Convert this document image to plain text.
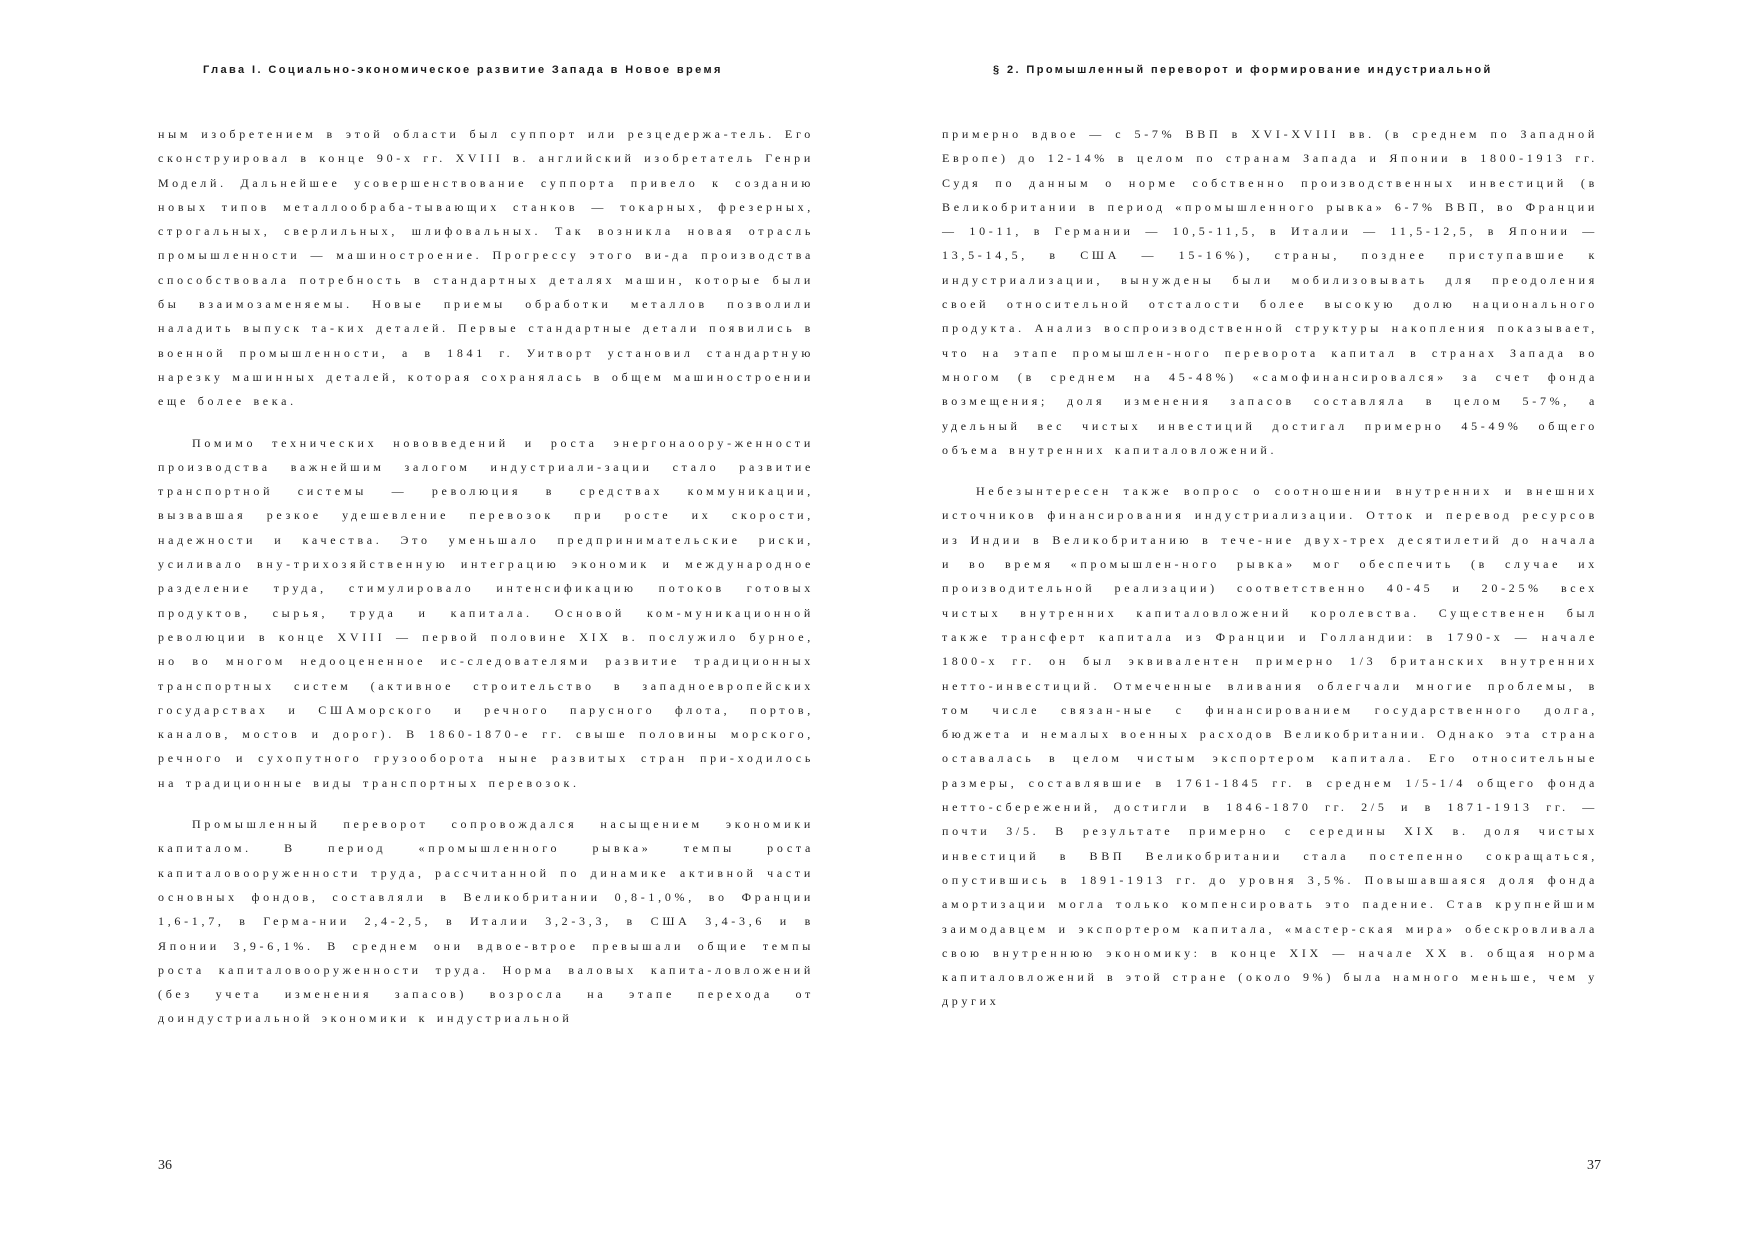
Глава I. Социально-экономическое развитие Запада в Новое время

ным изобретением в этой области был суппорт или резцедержа-тель. Его сконструировал в конце 90-х гг. XVIII в. английский изобретатель Генри Моделй. Дальнейшее усовершенствование суппорта привело к созданию новых типов металлообраба-тывающих станков — токарных, фрезерных, строгальных, сверлильных, шлифовальных. Так возникла новая отрасль промышленности — машиностроение. Прогрессу этого ви-да производства способствовала потребность в стандартных деталях машин, которые были бы взаимозаменяемы. Новые приемы обработки металлов позволили наладить выпуск та-ких деталей. Первые стандартные детали появились в военной промышленности, а в 1841 г. Уитворт установил стандартную нарезку машинных деталей, которая сохранялась в общем машиностроении еще более века.

Помимо технических нововведений и роста энергонаоору-женности производства важнейшим залогом индустриали-зации стало развитие транспортной системы — революция в средствах коммуникации, вызвавшая резкое удешевление перевозок при росте их скорости, надежности и качества. Это уменьшало предпринимательские риски, усиливало вну-трихозяйственную интеграцию экономик и международное разделение труда, стимулировало интенсификацию потоков готовых продуктов, сырья, труда и капитала. Основой ком-муникационной революции в конце XVIII — первой половине XIX в. послужило бурное, но во многом недооцененное ис-следователями развитие традиционных транспортных систем (активное строительство в западноевропейских государствах и СШАморского и речного парусного флота, портов, каналов, мостов и дорог). В 1860-1870-е гг. свыше половины морского, речного и сухопутного грузооборота ныне развитых стран при-ходилось на традиционные виды транспортных перевозок.

Промышленный переворот сопровождался насыщением экономики капиталом. В период «промышленного рывка» темпы роста капиталовооруженности труда, рассчитанной по динамике активной части основных фондов, составляли в Великобритании 0,8-1,0%, во Франции 1,6-1,7, в Герма-нии 2,4-2,5, в Италии 3,2-3,3, в США 3,4-3,6 и в Японии 3,9-6,1%. В среднем они вдвое-втрое превышали общие темпы роста капиталовооруженности труда. Норма валовых капита-ловложений (без учета изменения запасов) возросла на этапе перехода от доиндустриальной экономики к индустриальной

36
§ 2. Промышленный переворот и формирование индустриальной

примерно вдвое — с 5-7% ВВП в XVI-XVIII вв. (в среднем по Западной Европе) до 12-14% в целом по странам Запада и Японии в 1800-1913 гг. Судя по данным о норме собственно производственных инвестиций (в Великобритании в период «промышленного рывка» 6-7% ВВП, во Франции— 10-11, в Германии — 10,5-11,5, в Италии — 11,5-12,5, в Японии — 13,5-14,5, в США — 15-16%), страны, позднее приступавшие к индустриализации, вынуждены были мобилизовывать для преодоления своей относительной отсталости более высокую долю национального продукта. Анализ воспроизводственной структуры накопления показывает, что на этапе промышлен-ного переворота капитал в странах Запада во многом (в среднем на 45-48%) «самофинансировался» за счет фонда возмещения; доля изменения запасов составляла в целом 5-7%, а удельный вес чистых инвестиций достигал примерно 45-49% общего объема внутренних капиталовложений.

Небезынтересен также вопрос о соотношении внутренних и внешних источников финансирования индустриализации. Отток и перевод ресурсов из Индии в Великобританию в тече-ние двух-трех десятилетий до начала и во время «промышлен-ного рывка» мог обеспечить (в случае их производительной реализации) соответственно 40-45 и 20-25% всех чистых внутренних капиталовложений королевства. Существенен был также трансферт капитала из Франции и Голландии: в 1790-х — начале 1800-х гг. он был эквивалентен примерно 1/3 британских внутренних нетто-инвестиций. Отмеченные вливания облегчали многие проблемы, в том числе связан-ные с финансированием государственного долга, бюджета и немалых военных расходов Великобритании. Однако эта страна оставалась в целом чистым экспортером капитала. Его относительные размеры, составлявшие в 1761-1845 гг. в среднем 1/5-1/4 общего фонда нетто-сбережений, достигли в 1846-1870 гг. 2/5 и в 1871-1913 гг. — почти 3/5. В результате примерно с середины XIX в. доля чистых инвестиций в ВВП Великобритании стала постепенно сокращаться, опустившись в 1891-1913 гг. до уровня 3,5%. Повышавшаяся доля фонда амортизации могла только компенсировать это падение. Став крупнейшим заимодавцем и экспортером капитала, «мастер-ская мира» обескровливала свою внутреннюю экономику: в конце XIX — начале XX в. общая норма капиталовложений в этой стране (около 9%) была намного меньше, чем у других

37
